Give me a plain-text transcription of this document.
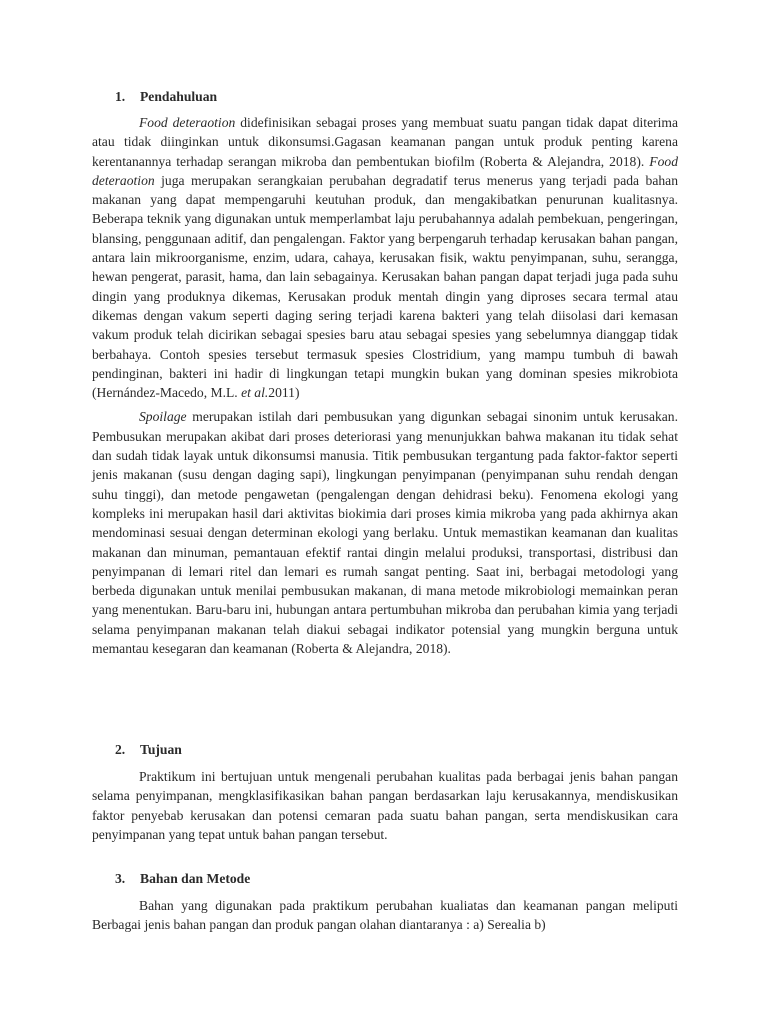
1. Pendahuluan

Food deteraotion didefinisikan sebagai proses yang membuat suatu pangan tidak dapat diterima atau tidak diinginkan untuk dikonsumsi.Gagasan keamanan pangan untuk produk penting karena kerentanannya terhadap serangan mikroba dan pembentukan biofilm (Roberta & Alejandra, 2018). Food deteraotion juga merupakan serangkaian perubahan degradatif terus menerus yang terjadi pada bahan makanan yang dapat mempengaruhi keutuhan produk, dan mengakibatkan penurunan kualitasnya. Beberapa teknik yang digunakan untuk memperlambat laju perubahannya adalah pembekuan, pengeringan, blansing, penggunaan aditif, dan pengalengan. Faktor yang berpengaruh terhadap kerusakan bahan pangan, antara lain mikroorganisme, enzim, udara, cahaya, kerusakan fisik, waktu penyimpanan, suhu, serangga, hewan pengerat, parasit, hama, dan lain sebagainya. Kerusakan bahan pangan dapat terjadi juga pada suhu dingin yang produknya dikemas, Kerusakan produk mentah dingin yang diproses secara termal atau dikemas dengan vakum seperti daging sering terjadi karena bakteri yang telah diisolasi dari kemasan vakum produk telah dicirikan sebagai spesies baru atau sebagai spesies yang sebelumnya dianggap tidak berbahaya. Contoh spesies tersebut termasuk spesies Clostridium, yang mampu tumbuh di bawah pendinginan, bakteri ini hadir di lingkungan tetapi mungkin bukan yang dominan spesies mikrobiota (Hernández-Macedo, M.L. et al.2011)

Spoilage merupakan istilah dari pembusukan yang digunkan sebagai sinonim untuk kerusakan. Pembusukan merupakan akibat dari proses deteriorasi yang menunjukkan bahwa makanan itu tidak sehat dan sudah tidak layak untuk dikonsumsi manusia. Titik pembusukan tergantung pada faktor-faktor seperti jenis makanan (susu dengan daging sapi), lingkungan penyimpanan (penyimpanan suhu rendah dengan suhu tinggi), dan metode pengawetan (pengalengan dengan dehidrasi beku). Fenomena ekologi yang kompleks ini merupakan hasil dari aktivitas biokimia dari proses kimia mikroba yang pada akhirnya akan mendominasi sesuai dengan determinan ekologi yang berlaku. Untuk memastikan keamanan dan kualitas makanan dan minuman, pemantauan efektif rantai dingin melalui produksi, transportasi, distribusi dan penyimpanan di lemari ritel dan lemari es rumah sangat penting. Saat ini, berbagai metodologi yang berbeda digunakan untuk menilai pembusukan makanan, di mana metode mikrobiologi memainkan peran yang menentukan. Baru-baru ini, hubungan antara pertumbuhan mikroba dan perubahan kimia yang terjadi selama penyimpanan makanan telah diakui sebagai indikator potensial yang mungkin berguna untuk memantau kesegaran dan keamanan (Roberta & Alejandra, 2018).

2. Tujuan

Praktikum ini bertujuan untuk mengenali perubahan kualitas pada berbagai jenis bahan pangan selama penyimpanan, mengklasifikasikan bahan pangan berdasarkan laju kerusakannya, mendiskusikan faktor penyebab kerusakan dan potensi cemaran pada suatu bahan pangan, serta mendiskusikan cara penyimpanan yang tepat untuk bahan pangan tersebut.

3. Bahan dan Metode

Bahan yang digunakan pada praktikum perubahan kualiatas dan keamanan pangan meliputi Berbagai jenis bahan pangan dan produk pangan olahan diantaranya : a) Serealia b)
